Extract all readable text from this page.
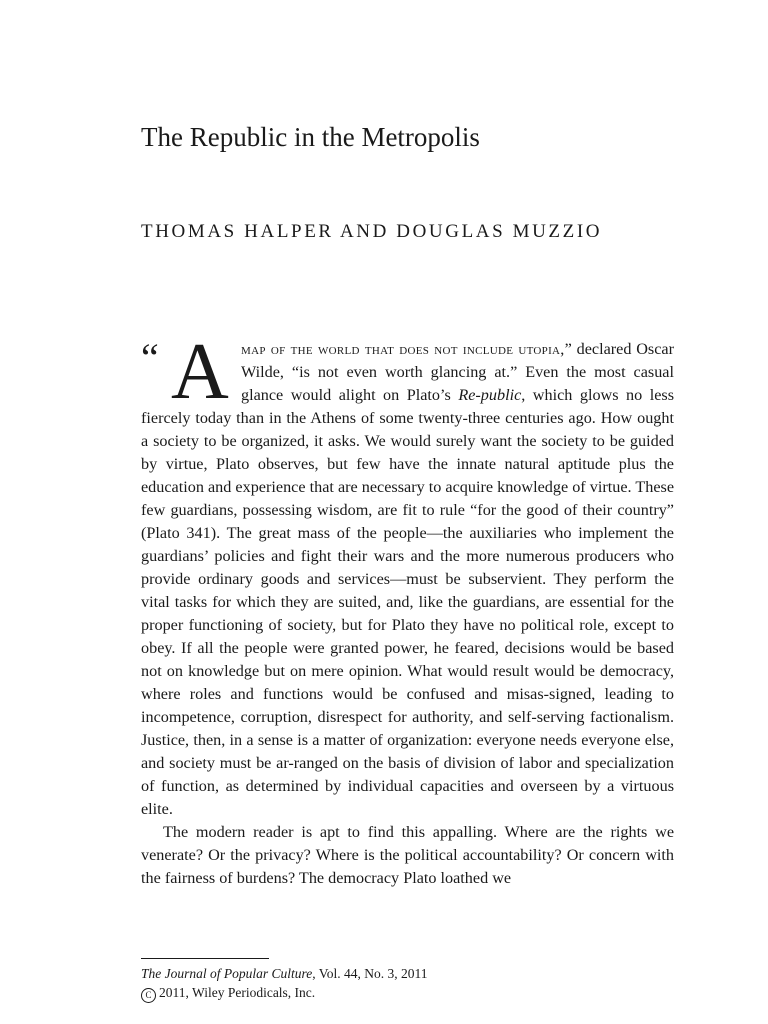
The Republic in the Metropolis
THOMAS HALPER AND DOUGLAS MUZZIO

“ A map of the world that does not include utopia,” declared Oscar Wilde, “is not even worth glancing at.” Even the most casual glance would alight on Plato’s Re-public, which glows no less fiercely today than in the Athens of some twenty-three centuries ago. How ought a society to be organized, it asks. We would surely want the society to be guided by virtue, Plato observes, but few have the innate natural aptitude plus the education and experience that are necessary to acquire knowledge of virtue. These few guardians, possessing wisdom, are fit to rule “for the good of their country” (Plato 341). The great mass of the people—the auxiliaries who implement the guardians’ policies and fight their wars and the more numerous producers who provide ordinary goods and services—must be subservient. They perform the vital tasks for which they are suited, and, like the guardians, are essential for the proper functioning of society, but for Plato they have no political role, except to obey. If all the people were granted power, he feared, decisions would be based not on knowledge but on mere opinion. What would result would be democracy, where roles and functions would be confused and misas-signed, leading to incompetence, corruption, disrespect for authority, and self-serving factionalism. Justice, then, in a sense is a matter of organization: everyone needs everyone else, and society must be ar-ranged on the basis of division of labor and specialization of function, as determined by individual capacities and overseen by a virtuous elite.

The modern reader is apt to find this appalling. Where are the rights we venerate? Or the privacy? Where is the political accountability? Or concern with the fairness of burdens? The democracy Plato loathed we

The Journal of Popular Culture, Vol. 44, No. 3, 2011
C 2011, Wiley Periodicals, Inc.
